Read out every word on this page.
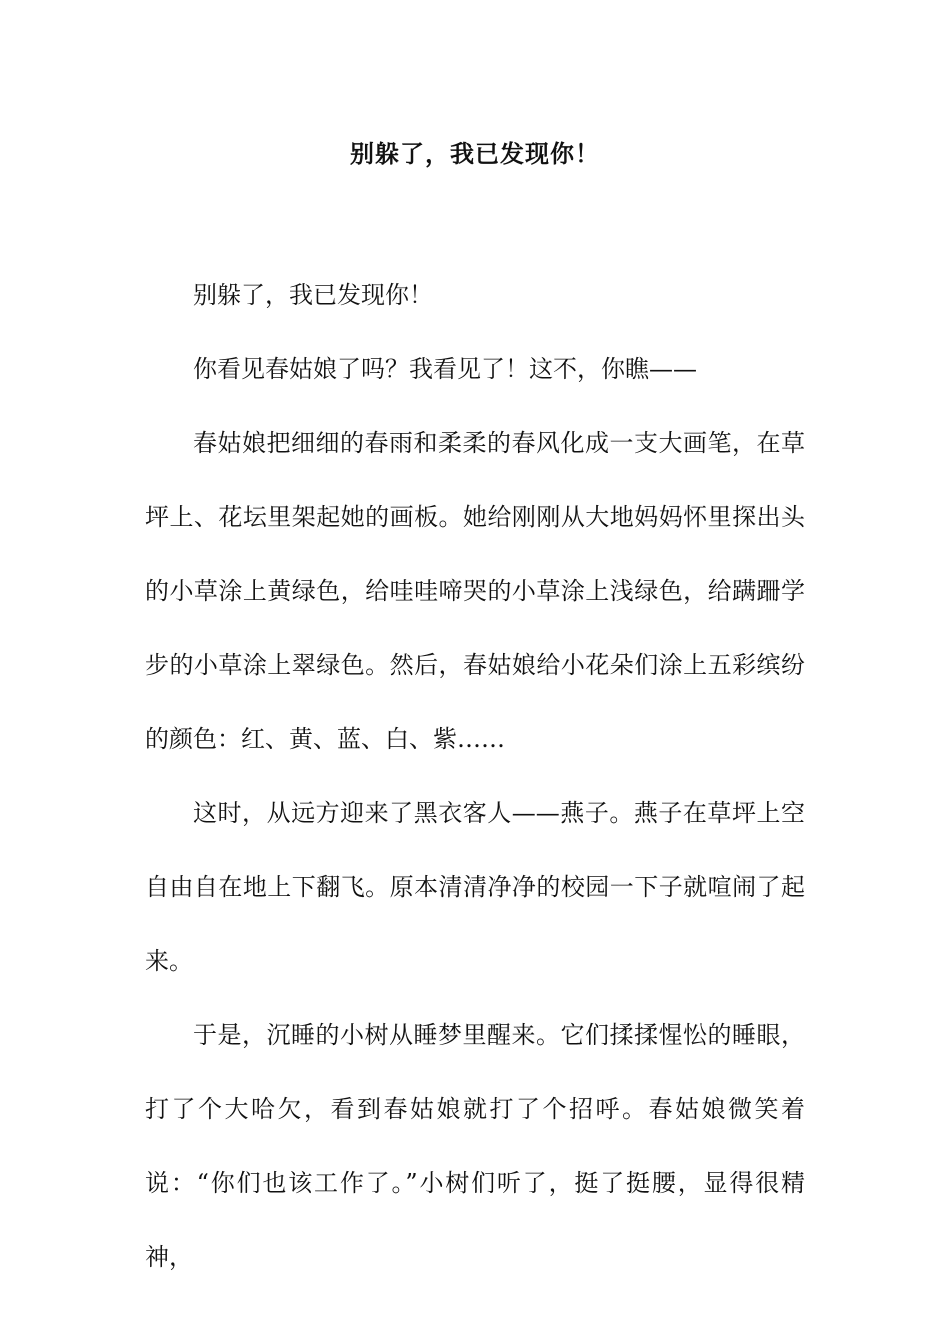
别躲了，我已发现你！

别躲了，我已发现你！

你看见春姑娘了吗？我看见了！这不，你瞧——

春姑娘把细细的春雨和柔柔的春风化成一支大画笔，在草坪上、花坛里架起她的画板。她给刚刚从大地妈妈怀里探出头的小草涂上黄绿色，给哇哇啼哭的小草涂上浅绿色，给蹒跚学步的小草涂上翠绿色。然后，春姑娘给小花朵们涂上五彩缤纷的颜色：红、黄、蓝、白、紫……

这时，从远方迎来了黑衣客人——燕子。燕子在草坪上空自由自在地上下翻飞。原本清清净净的校园一下子就喧闹了起来。

于是，沉睡的小树从睡梦里醒来。它们揉揉惺忪的睡眼，打了个大哈欠，看到春姑娘就打了个招呼。春姑娘微笑着说：“你们也该工作了。”小树们听了，挺了挺腰，显得很精神，
